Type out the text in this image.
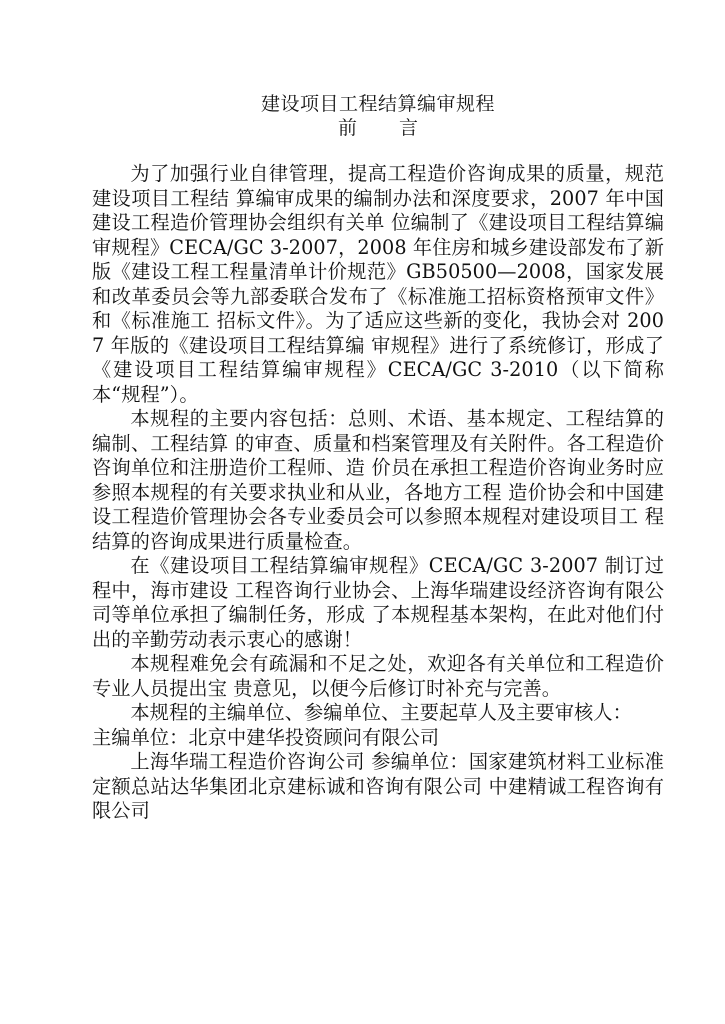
建设项目工程结算编审规程
前 言

为了加强行业自律管理，提高工程造价咨询成果的质量，规范建设项目工程结 算编审成果的编制办法和深度要求，2007 年中国建设工程造价管理协会组织有关单 位编制了《建设项目工程结算编审规程》CECA/GC 3-2007，2008 年住房和城乡建设部发布了新版《建设工程工程量清单计价规范》GB50500—2008，国家发展和改革委员会等九部委联合发布了《标准施工招标资格预审文件》和《标准施工 招标文件》。为了适应这些新的变化，我协会对 2007 年版的《建设项目工程结算编 审规程》进行了系统修订，形成了《建设项目工程结算编审规程》CECA/GC 3-2010（以下简称本“规程”）。

本规程的主要内容包括：总则、术语、基本规定、工程结算的编制、工程结算 的审查、质量和档案管理及有关附件。各工程造价咨询单位和注册造价工程师、造 价员在承担工程造价咨询业务时应参照本规程的有关要求执业和从业，各地方工程 造价协会和中国建设工程造价管理协会各专业委员会可以参照本规程对建设项目工 程结算的咨询成果进行质量检查。

在《建设项目工程结算编审规程》CECA/GC 3-2007 制订过程中，海市建设 工程咨询行业协会、上海华瑞建设经济咨询有限公司等单位承担了编制任务，形成 了本规程基本架构，在此对他们付出的辛勤劳动表示衷心的感谢！

本规程难免会有疏漏和不足之处，欢迎各有关单位和工程造价专业人员提出宝 贵意见，以便今后修订时补充与完善。

本规程的主编单位、参编单位、主要起草人及主要审核人：

主编单位：北京中建华投资顾问有限公司

上海华瑞工程造价咨询公司 参编单位：国家建筑材料工业标准定额总站达华集团北京建标诚和咨询有限公司 中建精诚工程咨询有限公司
